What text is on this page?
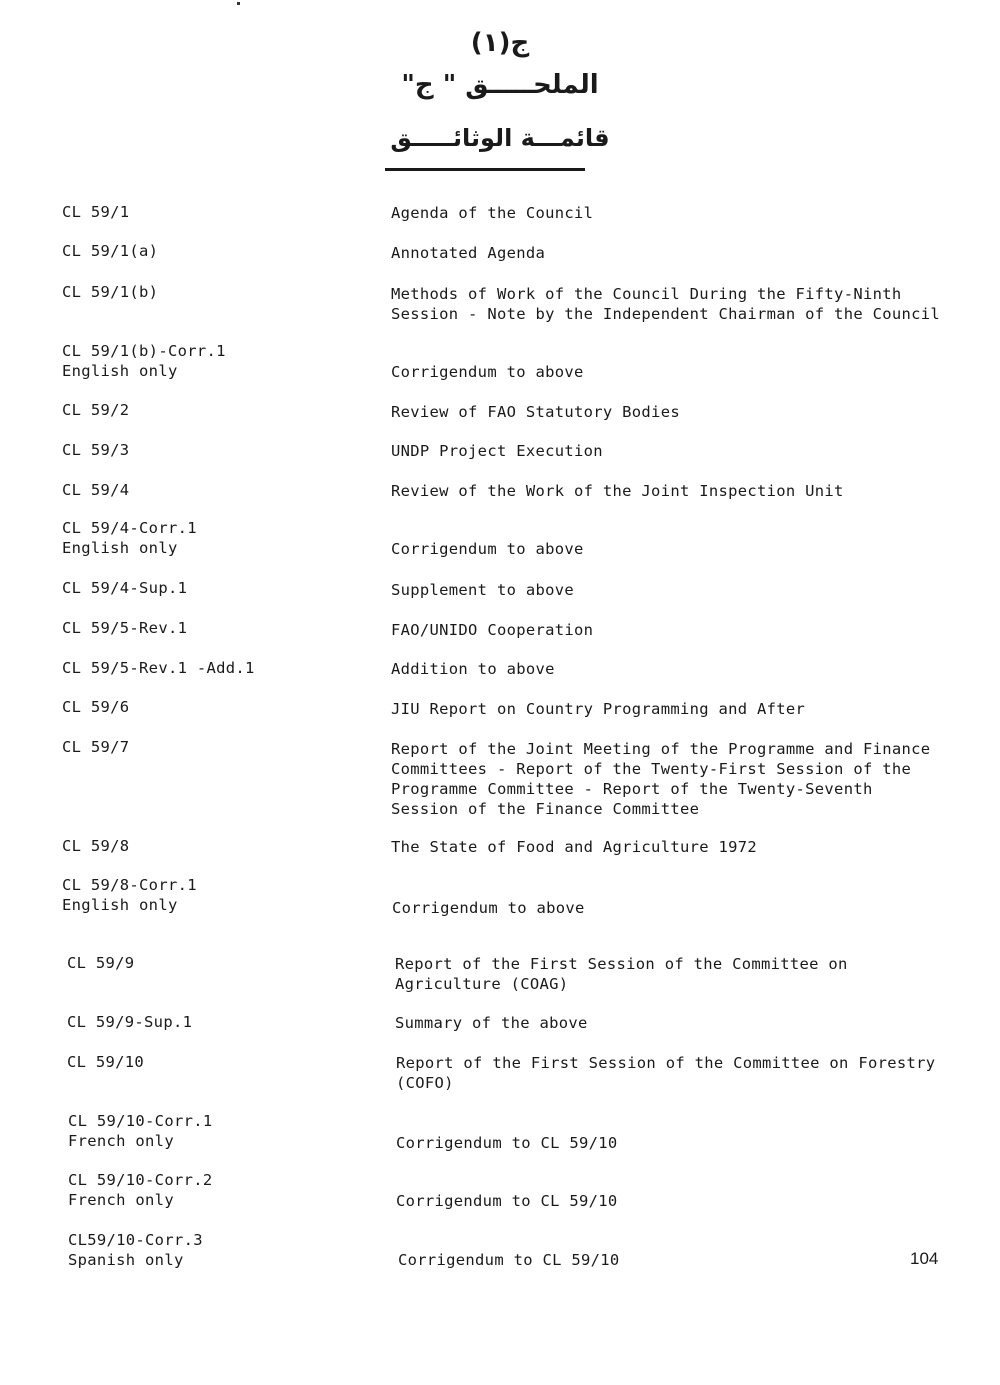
ج(١)
الملحـــــق " ج"
قائمـــة الوثائـــــق
CL 59/1	Agenda of the Council
CL 59/1(a)	Annotated Agenda
CL 59/1(b)	Methods of Work of the Council During the Fifty-Ninth
Session - Note by the Independent Chairman of the Council
CL 59/1(b)-Corr.1
English only	Corrigendum to above
CL 59/2	Review of FAO Statutory Bodies
CL 59/3	UNDP Project Execution
CL 59/4	Review of the Work of the Joint Inspection Unit
CL 59/4-Corr.1
English only	Corrigendum to above
CL 59/4-Sup.1	Supplement to above
CL 59/5-Rev.1	FAO/UNIDO Cooperation
CL 59/5-Rev.1 -Add.1	Addition to above
CL 59/6	JIU Report on Country Programming and After
CL 59/7	Report of the Joint Meeting of the Programme and Finance
Committees - Report of the Twenty-First Session of the
Programme Committee - Report of the Twenty-Seventh
Session of the Finance Committee
CL 59/8	The State of Food and Agriculture 1972
CL 59/8-Corr.1
English only	Corrigendum to above
CL 59/9	Report of the First Session of the Committee on
Agriculture (COAG)
CL 59/9-Sup.1	Summary of the above
CL 59/10	Report of the First Session of the Committee on Forestry
(COFO)
CL 59/10-Corr.1
French only	Corrigendum to CL 59/10
CL 59/10-Corr.2
French only	Corrigendum to CL 59/10
CL59/10-Corr.3
Spanish only	Corrigendum to CL 59/10	104
